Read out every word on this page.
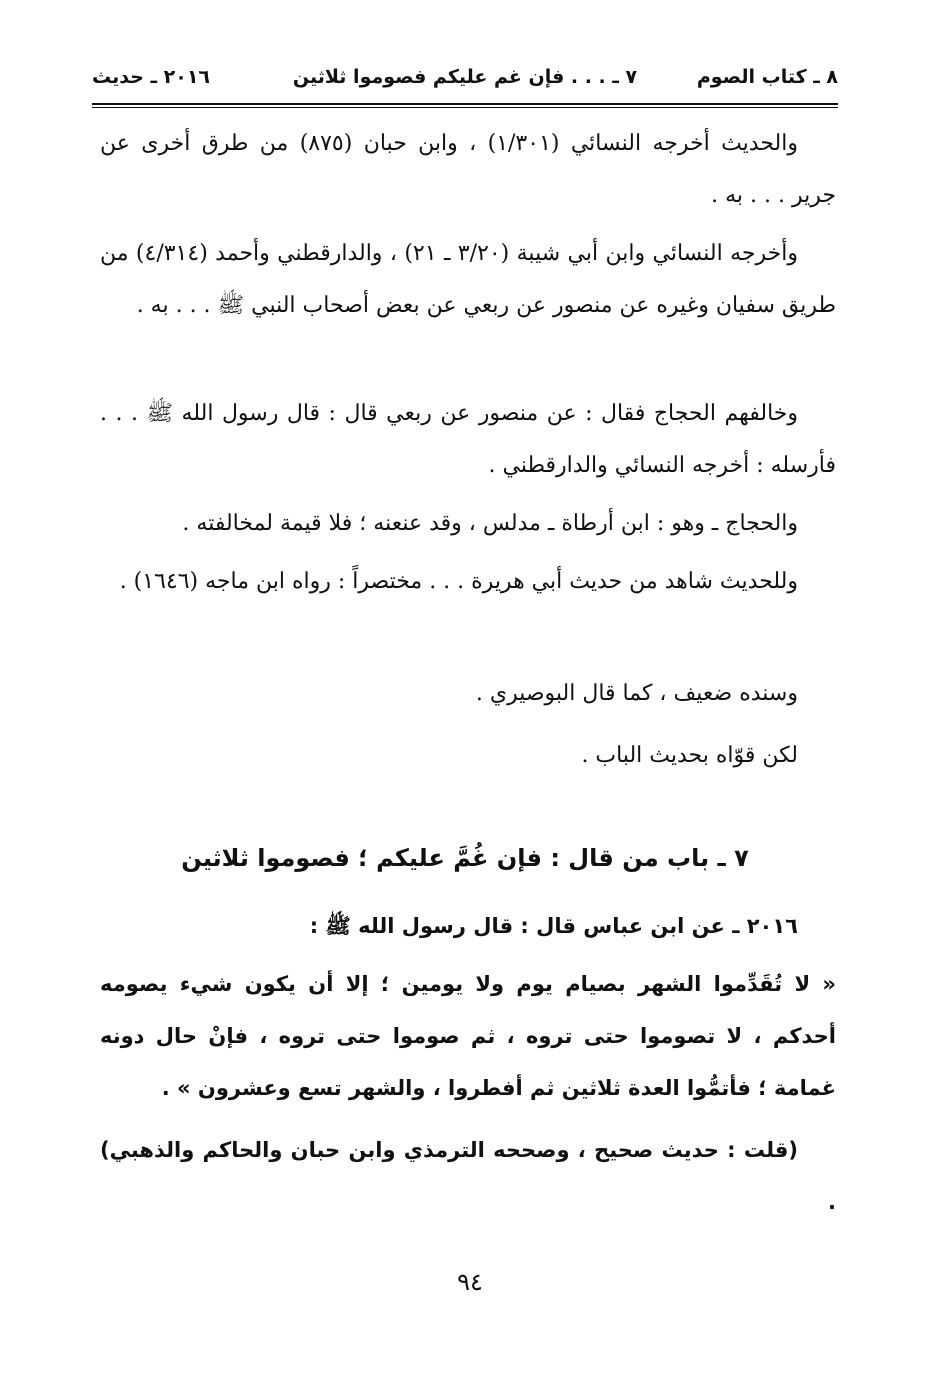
٨ ـ كتاب الصوم
٧ ـ . . . فإن غم عليكم فصوموا ثلاثين
٢٠١٦ ـ حديث
والحديث أخرجه النسائي (١/٣٠١) ، وابن حبان (٨٧٥) من طرق أخرى عن جرير . . . به .
وأخرجه النسائي وابن أبي شيبة (٣/٢٠ ـ ٢١) ، والدارقطني وأحمد (٤/٣١٤) من طريق سفيان وغيره عن منصور عن ربعي عن بعض أصحاب النبي ﷺ . . . به .
وخالفهم الحجاج فقال : عن منصور عن ربعي قال : قال رسول الله ﷺ . . . فأرسله : أخرجه النسائي والدارقطني .
والحجاج ـ وهو : ابن أرطاة ـ مدلس ، وقد عنعنه ؛ فلا قيمة لمخالفته .
وللحديث شاهد من حديث أبي هريرة . . . مختصراً : رواه ابن ماجه (١٦٤٦) .
وسنده ضعيف ، كما قال البوصيري .
لكن قوّاه بحديث الباب .
٧ ـ باب من قال : فإن غُمَّ عليكم ؛ فصوموا ثلاثين
٢٠١٦ ـ عن ابن عباس قال : قال رسول الله ﷺ :
« لا تُقَدِّموا الشهر بصيام يوم ولا يومين ؛ إلا أن يكون شيء يصومه أحدكم ، لا تصوموا حتى تروه ، ثم صوموا حتى تروه ، فإنْ حال دونه غمامة ؛ فأتمُّوا العدة ثلاثين ثم أفطروا ، والشهر تسع وعشرون » .
(قلت : حديث صحيح ، وصححه الترمذي وابن حبان والحاكم والذهبي) .
٩٤
